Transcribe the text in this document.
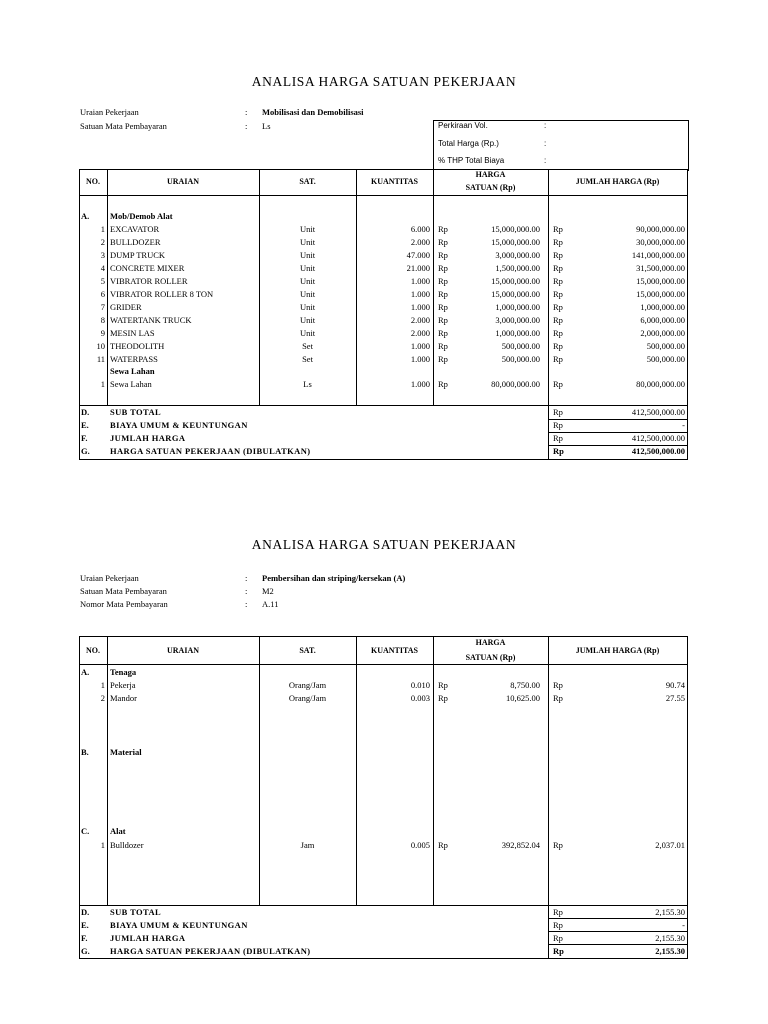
ANALISA HARGA SATUAN PEKERJAAN
Uraian Pekerjaan	: Mobilisasi dan Demobilisasi
Satuan Mata Pembayaran	: Ls	Perkiraan Vol.	:
Total Harga (Rp.)	:
% THP Total Biaya	:
NO.	URAIAN	SAT.	KUANTITAS
HARGA
SATUAN (Rp)
JUMLAH HARGA (Rp)
A. Mob/Demob Alat
1 EXCAVATOR	Unit	6.000 Rp	15,000,000.00 Rp	90,000,000.00
2 BULLDOZER	Unit	2.000 Rp	15,000,000.00 Rp	30,000,000.00
3 DUMP TRUCK	Unit	47.000 Rp	3,000,000.00 Rp	141,000,000.00
4 CONCRETE MIXER	Unit	21.000 Rp	1,500,000.00 Rp	31,500,000.00
5 VIBRATOR ROLLER	Unit	1.000 Rp	15,000,000.00 Rp	15,000,000.00
6 VIBRATOR ROLLER 8 TON	Unit	1.000 Rp	15,000,000.00 Rp	15,000,000.00
7 GRIDER	Unit	1.000 Rp	1,000,000.00 Rp	1,000,000.00
8 WATERTANK TRUCK	Unit	2.000 Rp	3,000,000.00 Rp	6,000,000.00
9 MESIN LAS	Unit	2.000 Rp	1,000,000.00 Rp	2,000,000.00
10 THEODOLITH	Set	1.000 Rp	500,000.00 Rp	500,000.00
11 WATERPASS	Set	1.000 Rp	500,000.00 Rp	500,000.00
Sewa Lahan
1 Sewa Lahan	Ls	1.000 Rp	80,000,000.00 Rp	80,000,000.00
D. SUB TOTAL	Rp	412,500,000.00
E. BIAYA UMUM & KEUNTUNGAN	Rp	-
F.	JUMLAH HARGA	Rp	412,500,000.00
G. HARGA SATUAN PEKERJAAN (DIBULATKAN)	Rp	412,500,000.00
ANALISA HARGA SATUAN PEKERJAAN
Uraian Pekerjaan	: Pembersihan dan striping/kersekan (A)
Satuan Mata Pembayaran	: M2
Nomor Mata Pembayaran	: A.11
NO.	URAIAN	SAT.	KUANTITAS
HARGA
SATUAN (Rp)
JUMLAH HARGA (Rp)
A. Tenaga
1 Pekerja	Orang/Jam	0.010 Rp	8,750.00 Rp	90.74
2 Mandor	Orang/Jam	0.003 Rp	10,625.00 Rp	27.55
B. Material
C. Alat
1 Bulldozer	Jam	0.005 Rp	392,852.04 Rp	2,037.01
D. SUB TOTAL	Rp	2,155.30
E. BIAYA UMUM & KEUNTUNGAN	Rp	-
F.	JUMLAH HARGA	Rp	2,155.30
G. HARGA SATUAN PEKERJAAN (DIBULATKAN)	Rp	2,155.30
